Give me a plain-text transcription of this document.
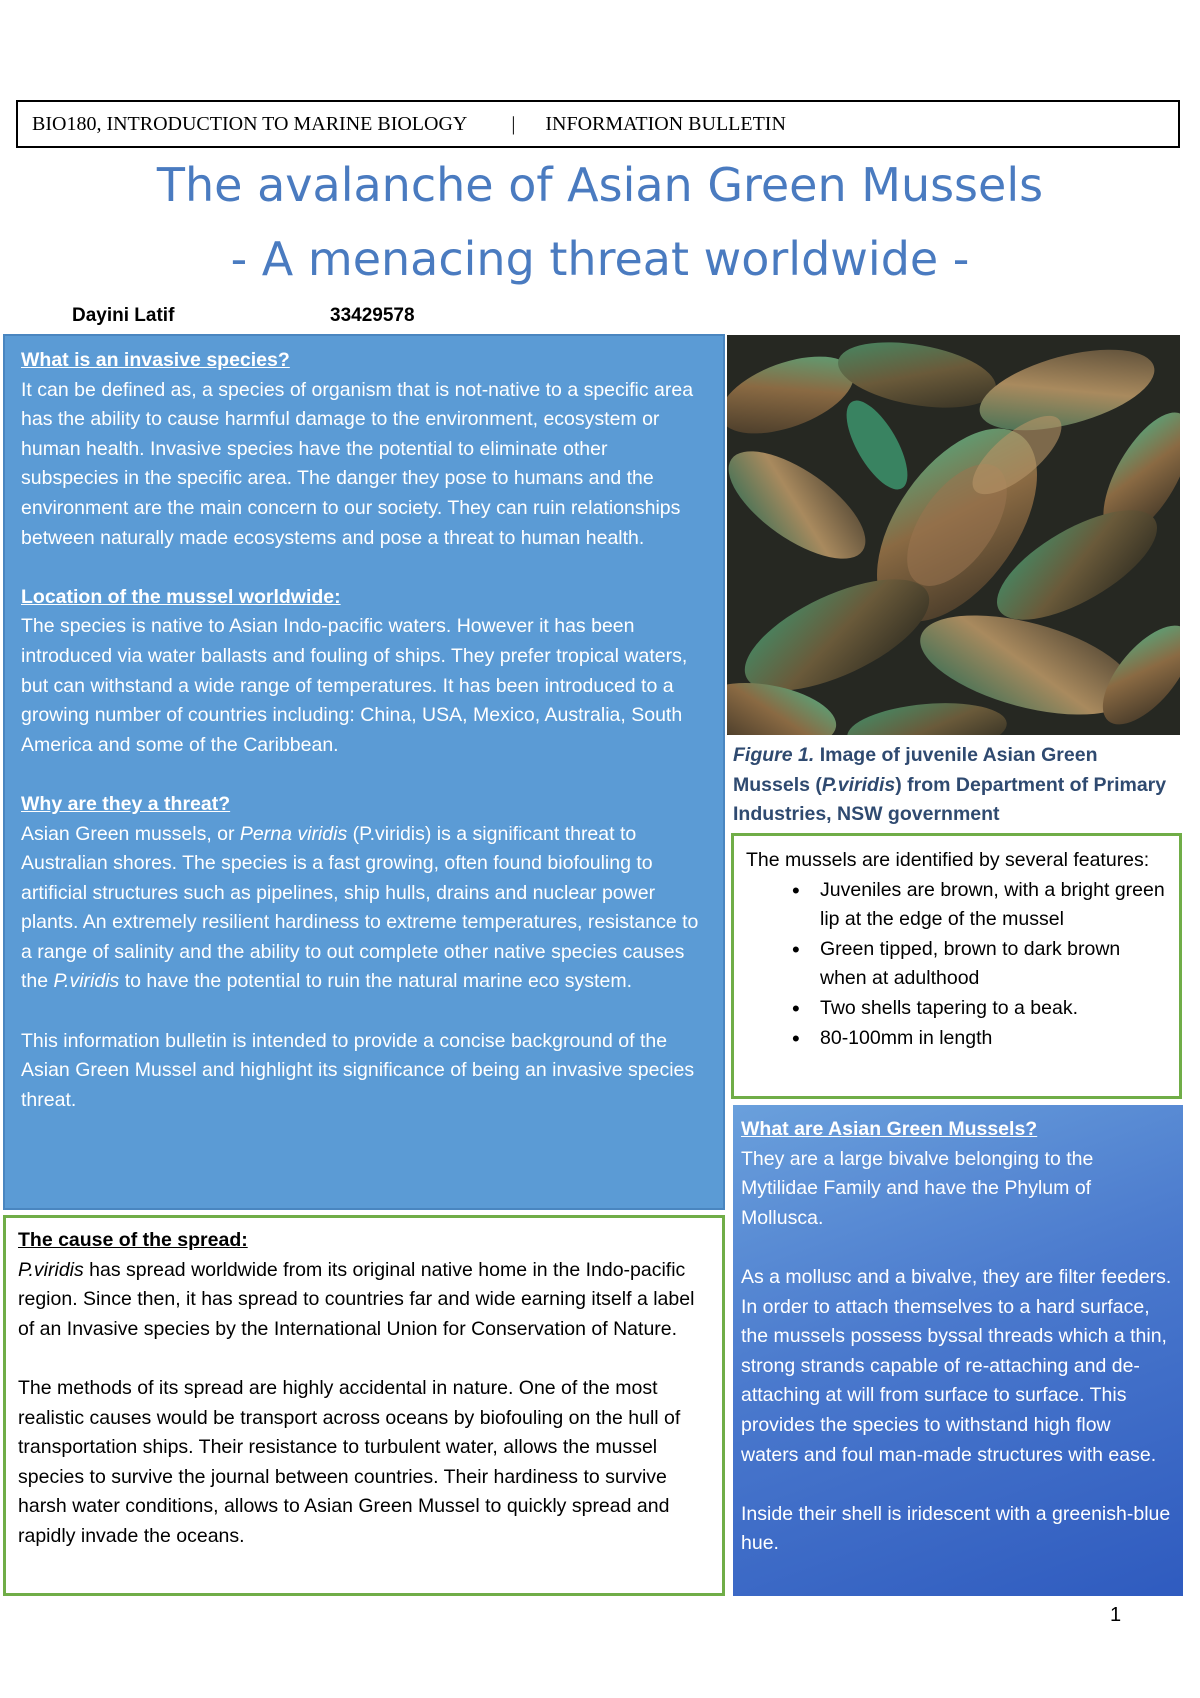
BIO180, INTRODUCTION TO MARINE BIOLOGY | INFORMATION BULLETIN
The avalanche of Asian Green Mussels
- A menacing threat worldwide -
Dayini Latif	33429578

What is an invasive species?

It can be defined as, a species of organism that is not-native to a specific area has the ability to cause harmful damage to the environment, ecosystem or human health. Invasive species have the potential to eliminate other subspecies in the specific area. The danger they pose to humans and the environment are the main concern to our society. They can ruin relationships between naturally made ecosystems and pose a threat to human health.

Location of the mussel worldwide:

The species is native to Asian Indo-pacific waters. However it has been introduced via water ballasts and fouling of ships. They prefer tropical waters, but can withstand a wide range of temperatures. It has been introduced to a growing number of countries including: China, USA, Mexico, Australia, South America and some of the Caribbean.

Why are they a threat?

Asian Green mussels, or Perna viridis (P.viridis) is a significant threat to Australian shores. The species is a fast growing, often found biofouling to artificial structures such as pipelines, ship hulls, drains and nuclear power plants. An extremely resilient hardiness to extreme temperatures, resistance to a range of salinity and the ability to out complete other native species causes the P.viridis to have the potential to ruin the natural marine eco system.

This information bulletin is intended to provide a concise background of the Asian Green Mussel and highlight its significance of being an invasive species threat.

Figure 1. Image of juvenile Asian Green Mussels (P.viridis) from Department of Primary Industries, NSW government
The mussels are identified by several features:
• Juveniles are brown, with a bright green lip at the edge of the mussel
• Green tipped, brown to dark brown when at adulthood
• Two shells tapering to a beak.
• 80-100mm in length

The cause of the spread:

P.viridis has spread worldwide from its original native home in the Indo-pacific region. Since then, it has spread to countries far and wide earning itself a label of an Invasive species by the International Union for Conservation of Nature.

The methods of its spread are highly accidental in nature. One of the most realistic causes would be transport across oceans by biofouling on the hull of transportation ships. Their resistance to turbulent water, allows the mussel species to survive the journal between countries. Their hardiness to survive harsh water conditions, allows to Asian Green Mussel to quickly spread and rapidly invade the oceans.

What are Asian Green Mussels?

They are a large bivalve belonging to the Mytilidae Family and have the Phylum of Mollusca.

As a mollusc and a bivalve, they are filter feeders. In order to attach themselves to a hard surface, the mussels possess byssal threads which a thin, strong strands capable of re-attaching and de-attaching at will from surface to surface. This provides the species to withstand high flow waters and foul man-made structures with ease.

Inside their shell is iridescent with a greenish-blue hue.

1
